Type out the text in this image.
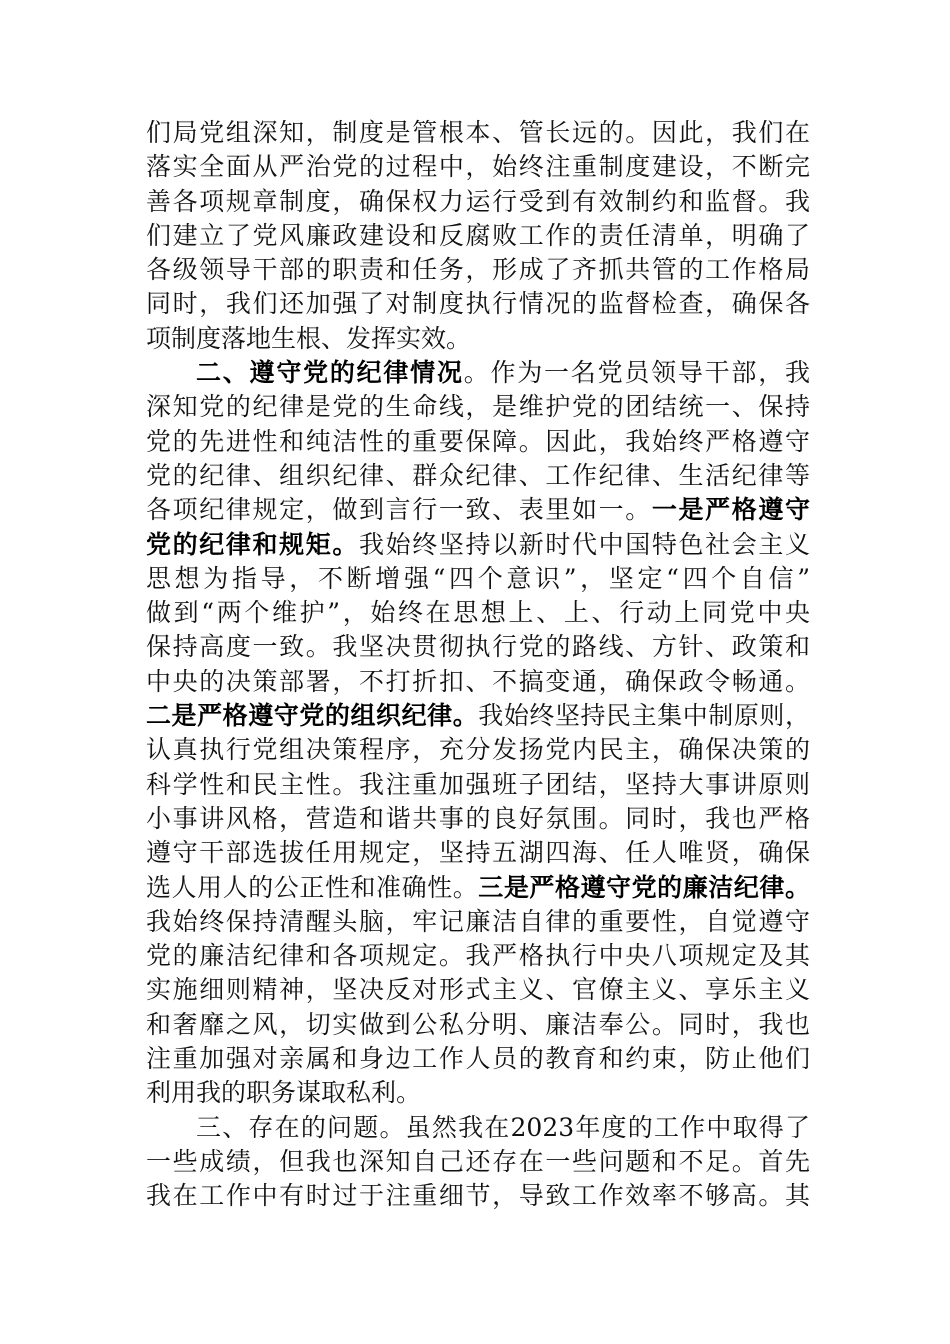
们局党组深知，制度是管根本、管长远的。因此，我们在
落实全面从严治党的过程中，始终注重制度建设，不断完
善各项规章制度，确保权力运行受到有效制约和监督。我
们建立了党风廉政建设和反腐败工作的责任清单，明确了
各级领导干部的职责和任务，形成了齐抓共管的工作格局
同时，我们还加强了对制度执行情况的监督检查，确保各
项制度落地生根、发挥实效。
二、遵守党的纪律情况。作为一名党员领导干部，我
深知党的纪律是党的生命线，是维护党的团结统一、保持
党的先进性和纯洁性的重要保障。因此，我始终严格遵守
党的纪律、组织纪律、群众纪律、工作纪律、生活纪律等
各项纪律规定，做到言行一致、表里如一。一是严格遵守
党的纪律和规矩。我始终坚持以新时代中国特色社会主义
思想为指导，不断增强“四个意识”，坚定“四个自信”
做到“两个维护”，始终在思想上、上、行动上同党中央
保持高度一致。我坚决贯彻执行党的路线、方针、政策和
中央的决策部署，不打折扣、不搞变通，确保政令畅通。
二是严格遵守党的组织纪律。我始终坚持民主集中制原则，
认真执行党组决策程序，充分发扬党内民主，确保决策的
科学性和民主性。我注重加强班子团结，坚持大事讲原则
小事讲风格，营造和谐共事的良好氛围。同时，我也严格
遵守干部选拔任用规定，坚持五湖四海、任人唯贤，确保
选人用人的公正性和准确性。三是严格遵守党的廉洁纪律。
我始终保持清醒头脑，牢记廉洁自律的重要性，自觉遵守
党的廉洁纪律和各项规定。我严格执行中央八项规定及其
实施细则精神，坚决反对形式主义、官僚主义、享乐主义
和奢靡之风，切实做到公私分明、廉洁奉公。同时，我也
注重加强对亲属和身边工作人员的教育和约束，防止他们
利用我的职务谋取私利。
三、存在的问题。虽然我在2023年度的工作中取得了
一些成绩，但我也深知自己还存在一些问题和不足。首先
我在工作中有时过于注重细节，导致工作效率不够高。其
